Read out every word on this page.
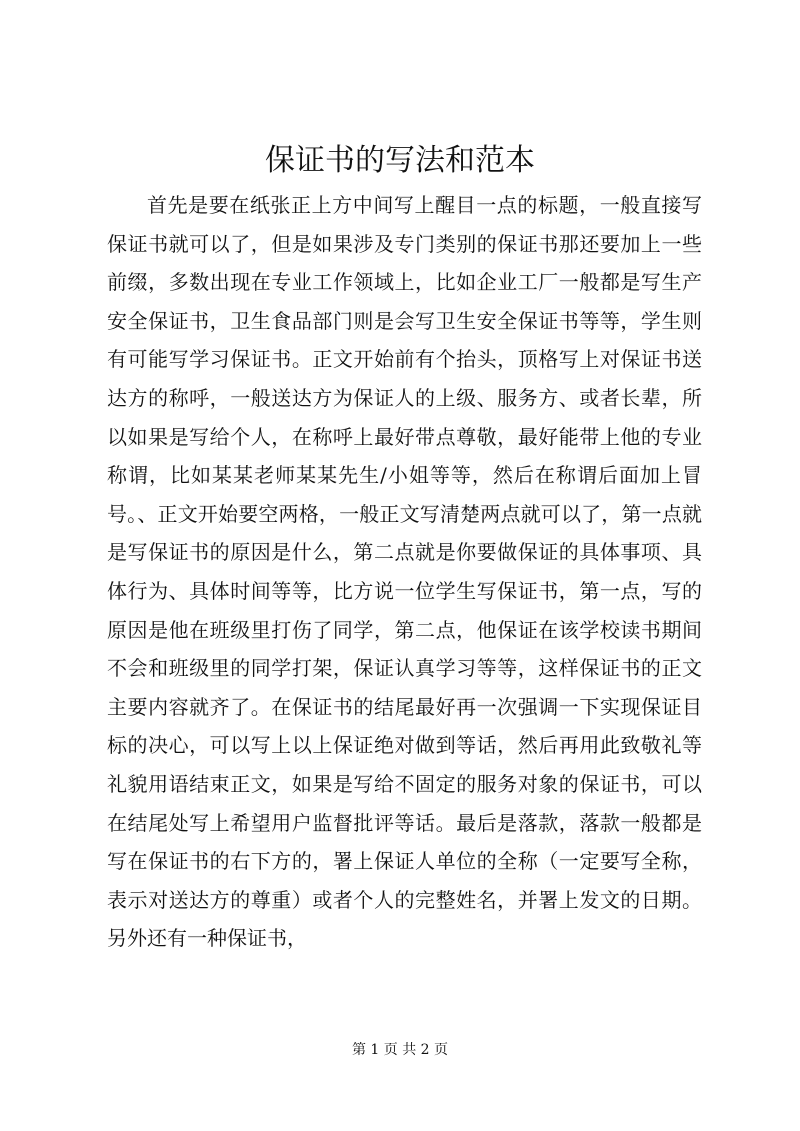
保证书的写法和范本

首先是要在纸张正上方中间写上醒目一点的标题，一般直接写保证书就可以了，但是如果涉及专门类别的保证书那还要加上一些前缀，多数出现在专业工作领域上，比如企业工厂一般都是写生产安全保证书，卫生食品部门则是会写卫生安全保证书等等，学生则有可能写学习保证书。正文开始前有个抬头，顶格写上对保证书送达方的称呼，一般送达方为保证人的上级、服务方、或者长辈，所以如果是写给个人，在称呼上最好带点尊敬，最好能带上他的专业称谓，比如某某老师某某先生/小姐等等，然后在称谓后面加上冒号。、正文开始要空两格，一般正文写清楚两点就可以了，第一点就是写保证书的原因是什么，第二点就是你要做保证的具体事项、具体行为、具体时间等等，比方说一位学生写保证书，第一点，写的原因是他在班级里打伤了同学，第二点，他保证在该学校读书期间不会和班级里的同学打架，保证认真学习等等，这样保证书的正文主要内容就齐了。在保证书的结尾最好再一次强调一下实现保证目标的决心，可以写上以上保证绝对做到等话，然后再用此致敬礼等礼貌用语结束正文，如果是写给不固定的服务对象的保证书，可以在结尾处写上希望用户监督批评等话。最后是落款，落款一般都是写在保证书的右下方的，署上保证人单位的全称（一定要写全称，表示对送达方的尊重）或者个人的完整姓名，并署上发文的日期。另外还有一种保证书，

第 1 页 共 2 页
